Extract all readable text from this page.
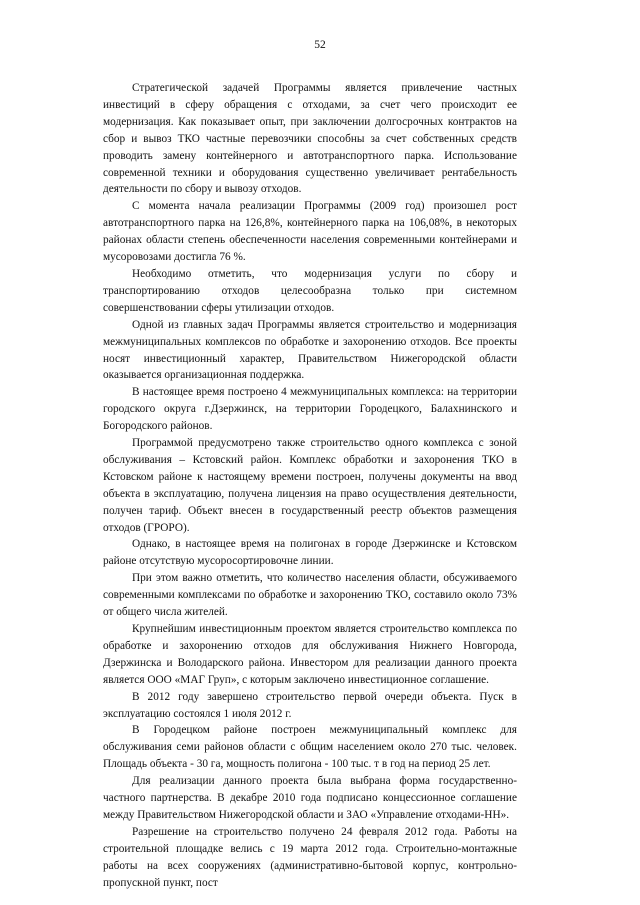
52

Стратегической задачей Программы является привлечение частных инвестиций в сферу обращения с отходами, за счет чего происходит ее модернизация. Как показывает опыт, при заключении долгосрочных контрактов на сбор и вывоз ТКО частные перевозчики способны за счет собственных средств проводить замену контейнерного и автотранспортного парка. Использование современной техники и оборудования существенно увеличивает рентабельность деятельности по сбору и вывозу отходов.

С момента начала реализации Программы (2009 год) произошел рост автотранспортного парка на 126,8%, контейнерного парка на 106,08%, в некоторых районах области степень обеспеченности населения современными контейнерами и мусоровозами достигла 76 %.

Необходимо отметить, что модернизация услуги по сбору и транспортированию отходов целесообразна только при системном совершенствовании сферы утилизации отходов.

Одной из главных задач Программы является строительство и модернизация межмуниципальных комплексов по обработке и захоронению отходов. Все проекты носят инвестиционный характер, Правительством Нижегородской области оказывается организационная поддержка.

В настоящее время построено 4 межмуниципальных комплекса: на территории городского округа г.Дзержинск, на территории Городецкого, Балахнинского и Богородского районов.

Программой предусмотрено также строительство одного комплекса с зоной обслуживания – Кстовский район. Комплекс обработки и захоронения ТКО в Кстовском районе к настоящему времени построен, получены документы на ввод объекта в эксплуатацию, получена лицензия на право осуществления деятельности, получен тариф. Объект внесен в государственный реестр объектов размещения отходов (ГРОРО).

Однако, в настоящее время на полигонах в городе Дзержинске и Кстовском районе отсутствую мусоросортировочне линии.

При этом важно отметить, что количество населения области, обсуживаемого современными комплексами по обработке и захоронению ТКО, составило около 73% от общего числа жителей.

Крупнейшим инвестиционным проектом является строительство комплекса по обработке и захоронению отходов для обслуживания Нижнего Новгорода, Дзержинска и Володарского района. Инвестором для реализации данного проекта является ООО «МАГ Груп», с которым заключено инвестиционное соглашение.

В 2012 году завершено строительство первой очереди объекта. Пуск в эксплуатацию состоялся 1 июля 2012 г.

В Городецком районе построен межмуниципальный комплекс для обслуживания семи районов области с общим населением около 270 тыс. человек. Площадь объекта - 30 га, мощность полигона - 100 тыс. т в год на период 25 лет.

Для реализации данного проекта была выбрана форма государственно-частного партнерства. В декабре 2010 года подписано концессионное соглашение между Правительством Нижегородской области и ЗАО «Управление отходами-НН».

Разрешение на строительство получено 24 февраля 2012 года. Работы на строительной площадке велись с 19 марта 2012 года. Строительно-монтажные работы на всех сооружениях (административно-бытовой корпус, контрольно-пропускной пункт, пост
